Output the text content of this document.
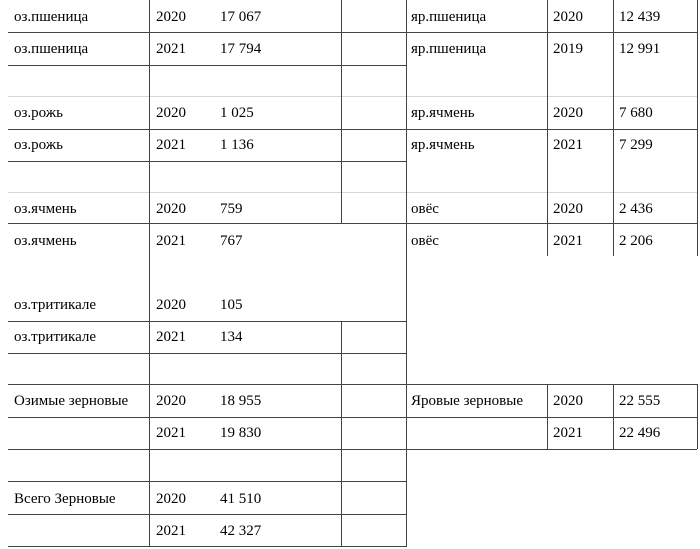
оз.пшеница	2020 17 067
оз.пшеница	2021 17 794
оз.рожь	2020 1 025
оз.рожь	2021 1 136
оз.ячмень	2020 759
оз.ячмень	2021 767
оз.тритикале	2020 105
оз.тритикале	2021 134
Озимые зерновые 2020 18 955
2021 19 830
Всего Зерновые	2020 41 510
2021 42 327
яр.пшеница	2020 12 439
яр.пшеница	2019 12 991
яр.ячмень	2020 7 680
яр.ячмень	2021 7 299
овёс	2020 2 436
овёс	2021 2 206
Яровые зерновые 2020 22 555
2021 22 496
